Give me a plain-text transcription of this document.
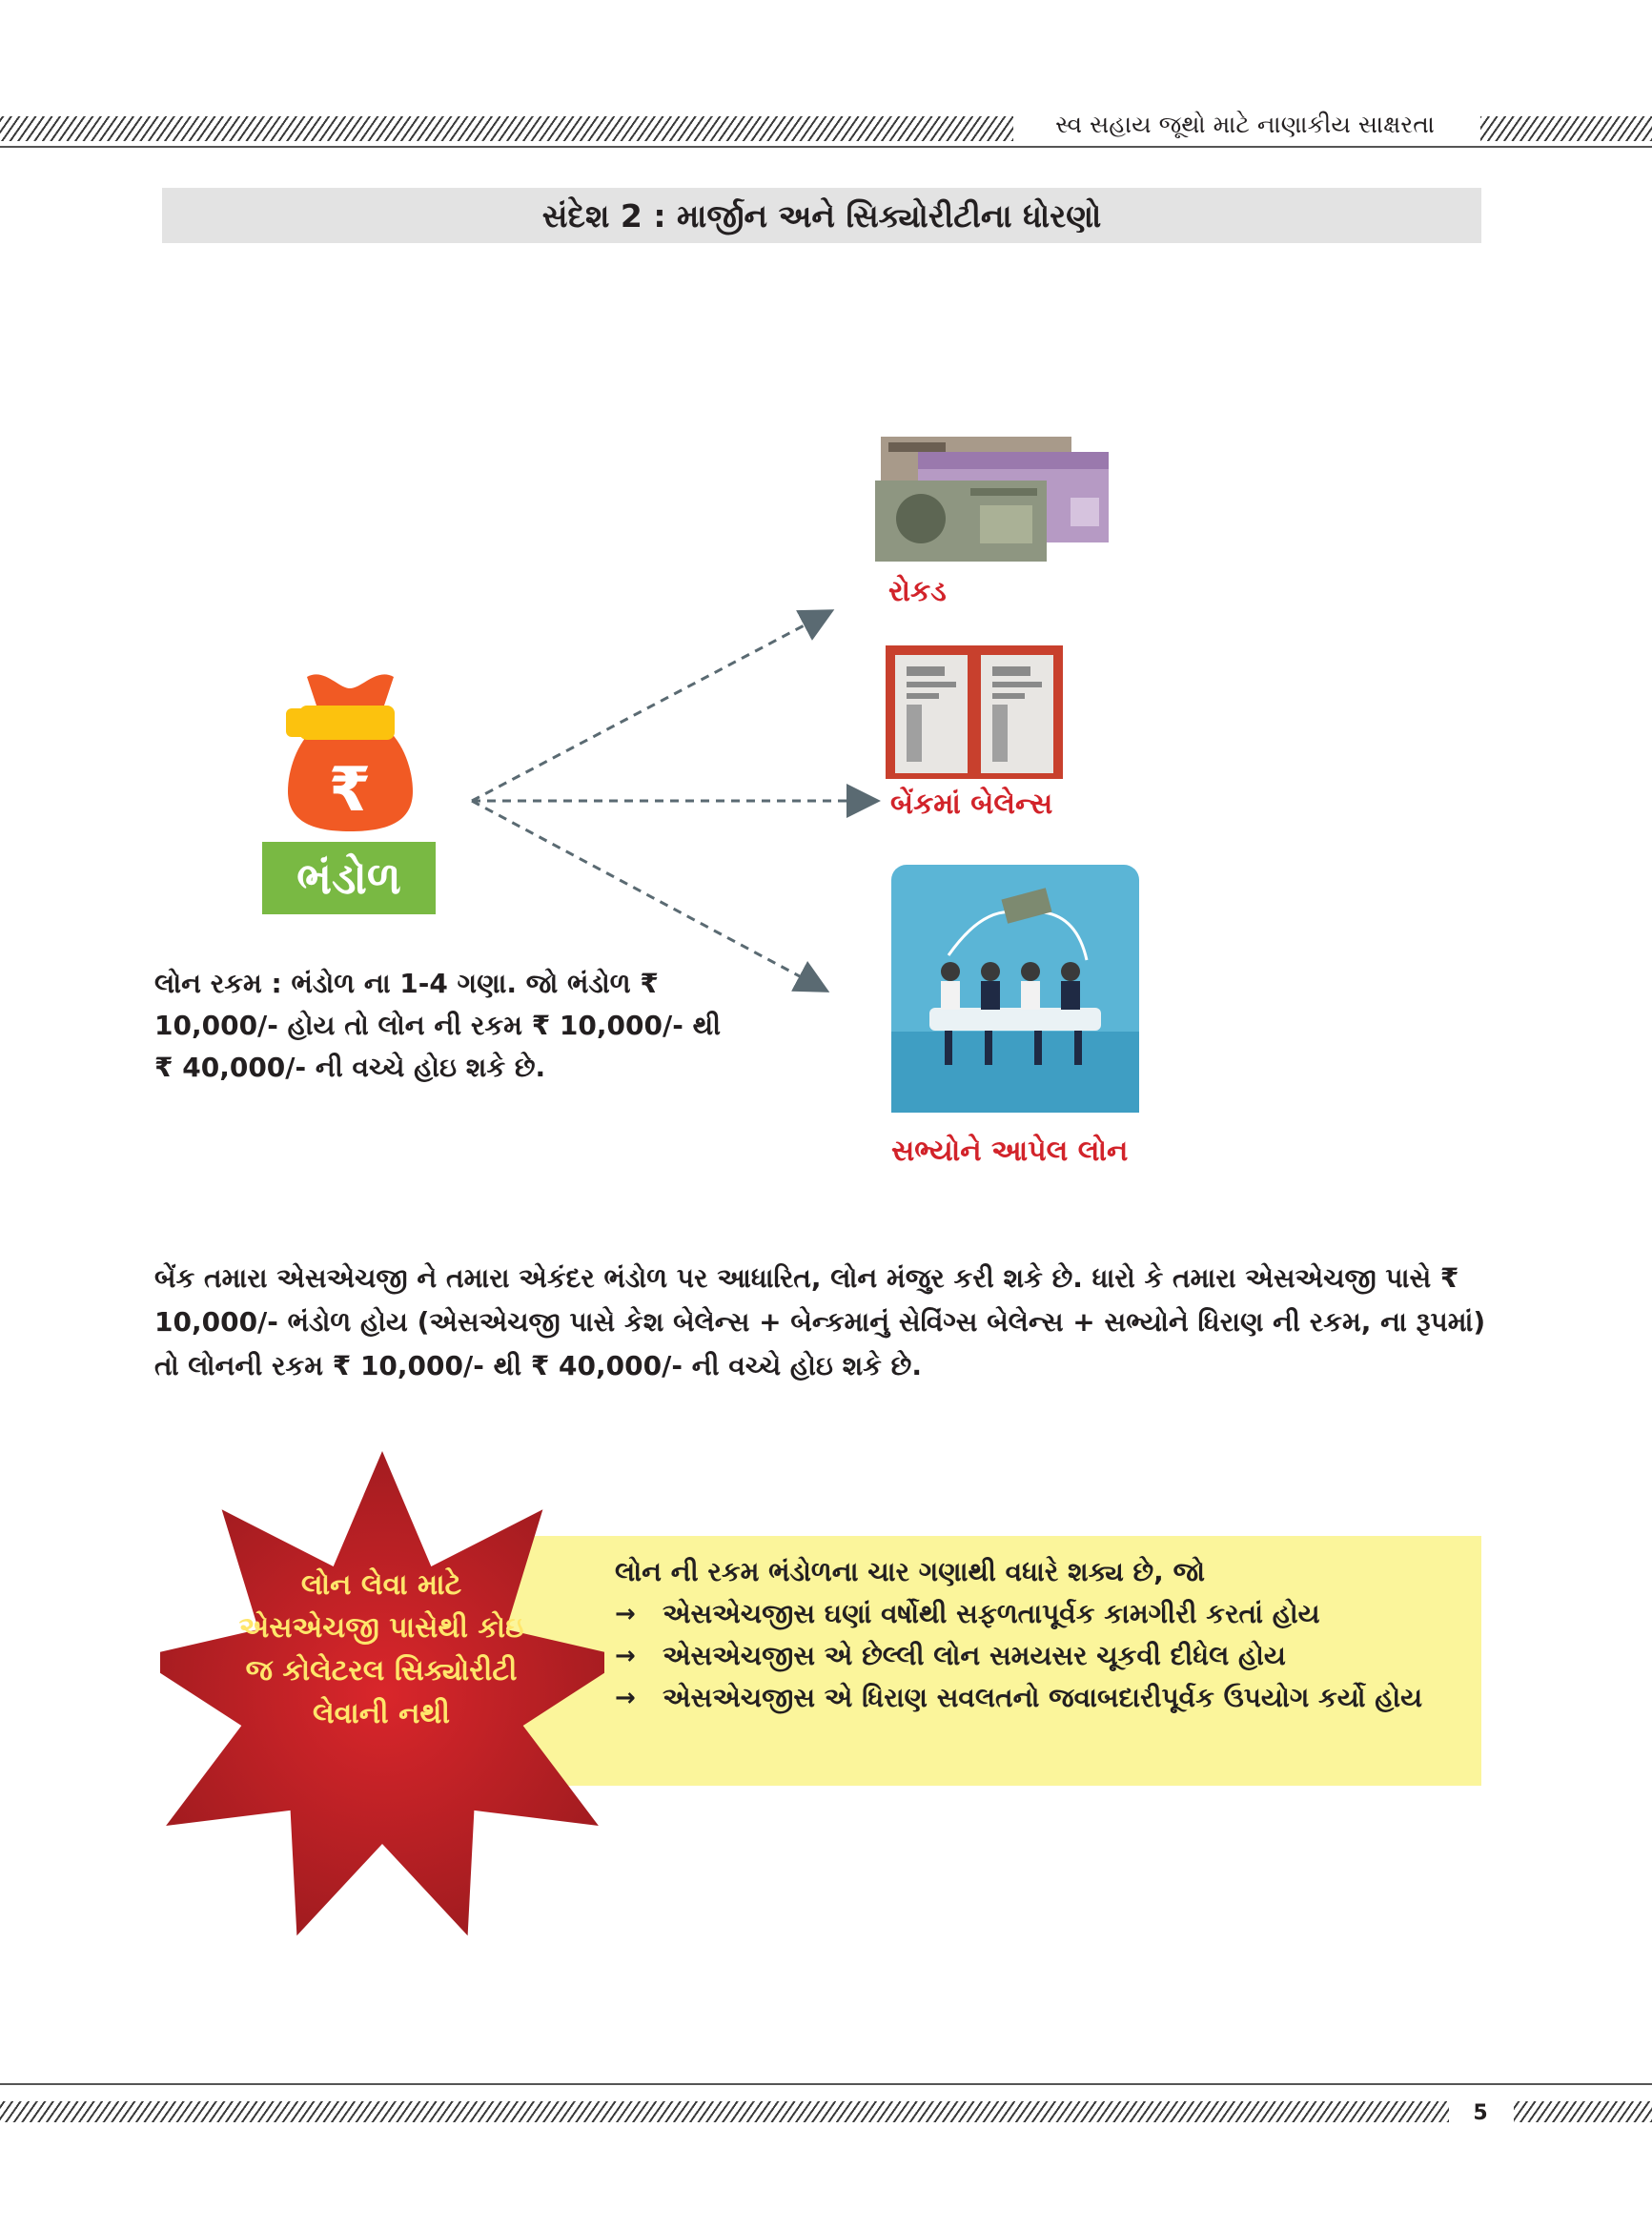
સ્વ સહાય જૂથો માટે નાણાકીય સાક્ષરતા
સંદેશ 2 : માર્જીન અને સિક્યોરીટીના ધોરણો
₹
ભંડોળ
રોકડ
બેંકમાં બેલેન્સ
સભ્યોને આપેલ લોન
લોન રકમ : ભંડોળ ના 1-4 ગણા. જો ભંડોળ ₹ 10,000/- હોય તો લોન ની રકમ ₹ 10,000/- થી ₹ 40,000/- ની વચ્ચે હોઇ શકે છે.
બેંક તમારા એસએચજી ને તમારા એકંદર ભંડોળ પર આધારિત, લોન મંજુર કરી શકે છે. ધારો કે તમારા એસએચજી પાસે ₹ 10,000/- ભંડોળ હોય (એસએચજી પાસે કેશ બેલેન્સ + બેન્કમાનું સેવિંગ્સ બેલેન્સ + સભ્યોને ધિરાણ ની રકમ, ના રૂપમાં) તો લોનની રકમ ₹ 10,000/- થી ₹ 40,000/- ની વચ્ચે હોઇ શકે છે.
લોન ની રકમ ભંડોળના ચાર ગણાથી વધારે શક્ય છે, જો
→	એસએચજીસ ઘણાં વર્ષોથી સફળતાપૂર્વક કામગીરી કરતાં હોય
→	એસએચજીસ એ છેલ્લી લોન સમયસર ચૂકવી દીધેલ હોય
→	એસએચજીસ એ ધિરાણ સવલતનો જવાબદારીપૂર્વક ઉપયોગ કર્યો હોય
લોન લેવા માટે એસએચજી પાસેથી કોઇ જ કોલેટરલ સિક્યોરીટી લેવાની નથી
5
